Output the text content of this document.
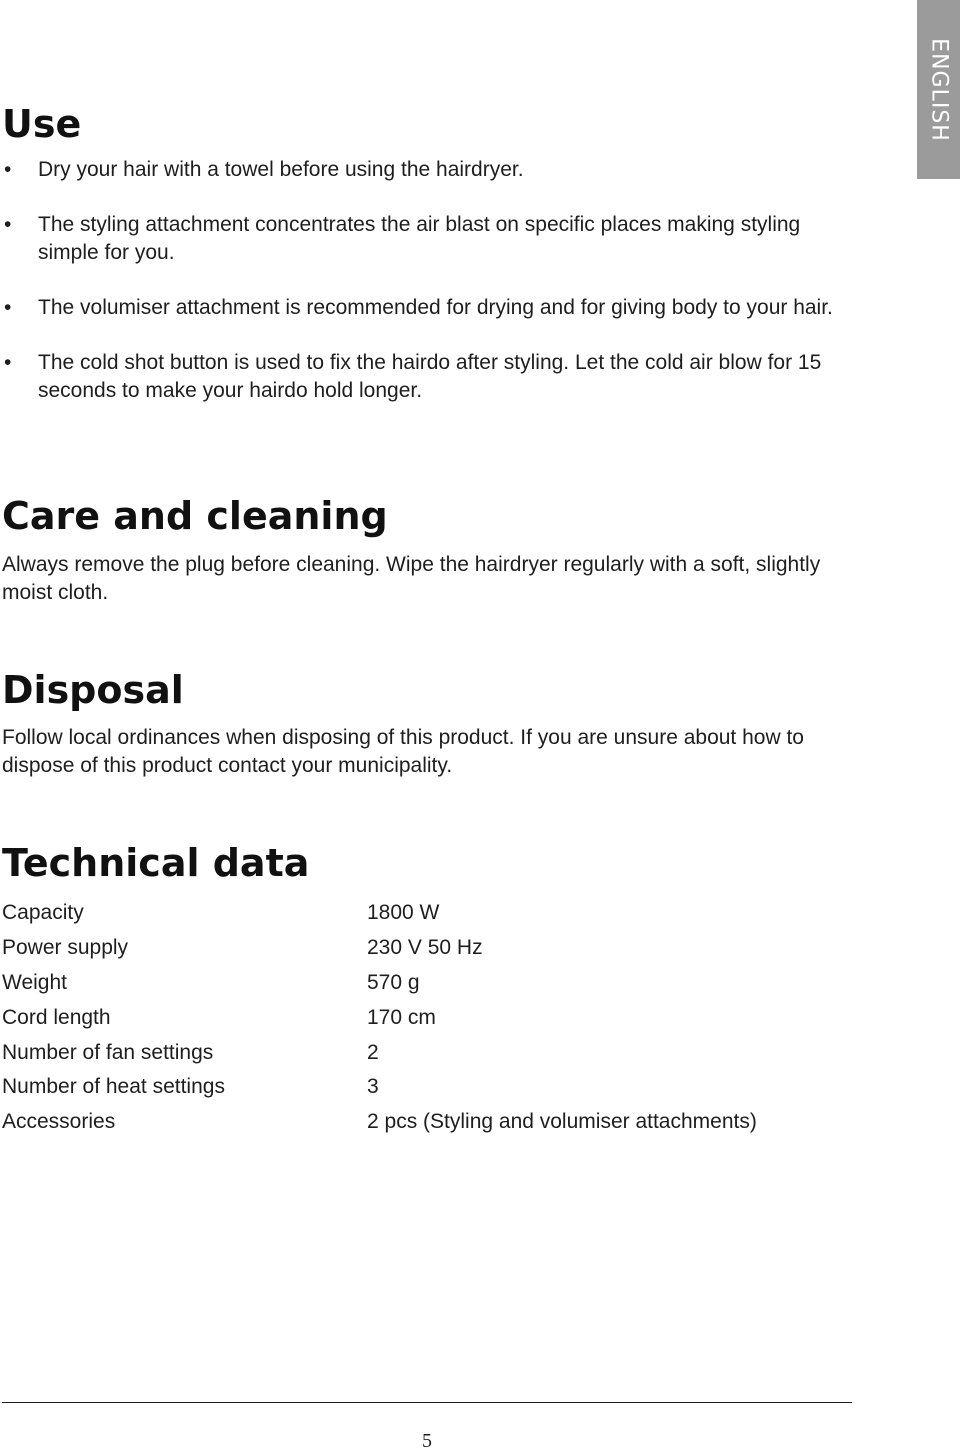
ENGLISH
Use
• Dry your hair with a towel before using the hairdryer.
• The styling attachment concentrates the air blast on specific places making styling simple for you.
• The volumiser attachment is recommended for drying and for giving body to your hair.
• The cold shot button is used to fix the hairdo after styling. Let the cold air blow for 15 seconds to make your hairdo hold longer.
Care and cleaning

Always remove the plug before cleaning. Wipe the hairdryer regularly with a soft, slightly moist cloth.

Disposal

Follow local ordinances when disposing of this product. If you are unsure about how to dispose of this product contact your municipality.

Technical data
Capacity	1800 W
Power supply	230 V 50 Hz
Weight	570 g
Cord length	170 cm
Number of fan settings	2
Number of heat settings	3
Accessories	2 pcs (Styling and volumiser attachments)
5
